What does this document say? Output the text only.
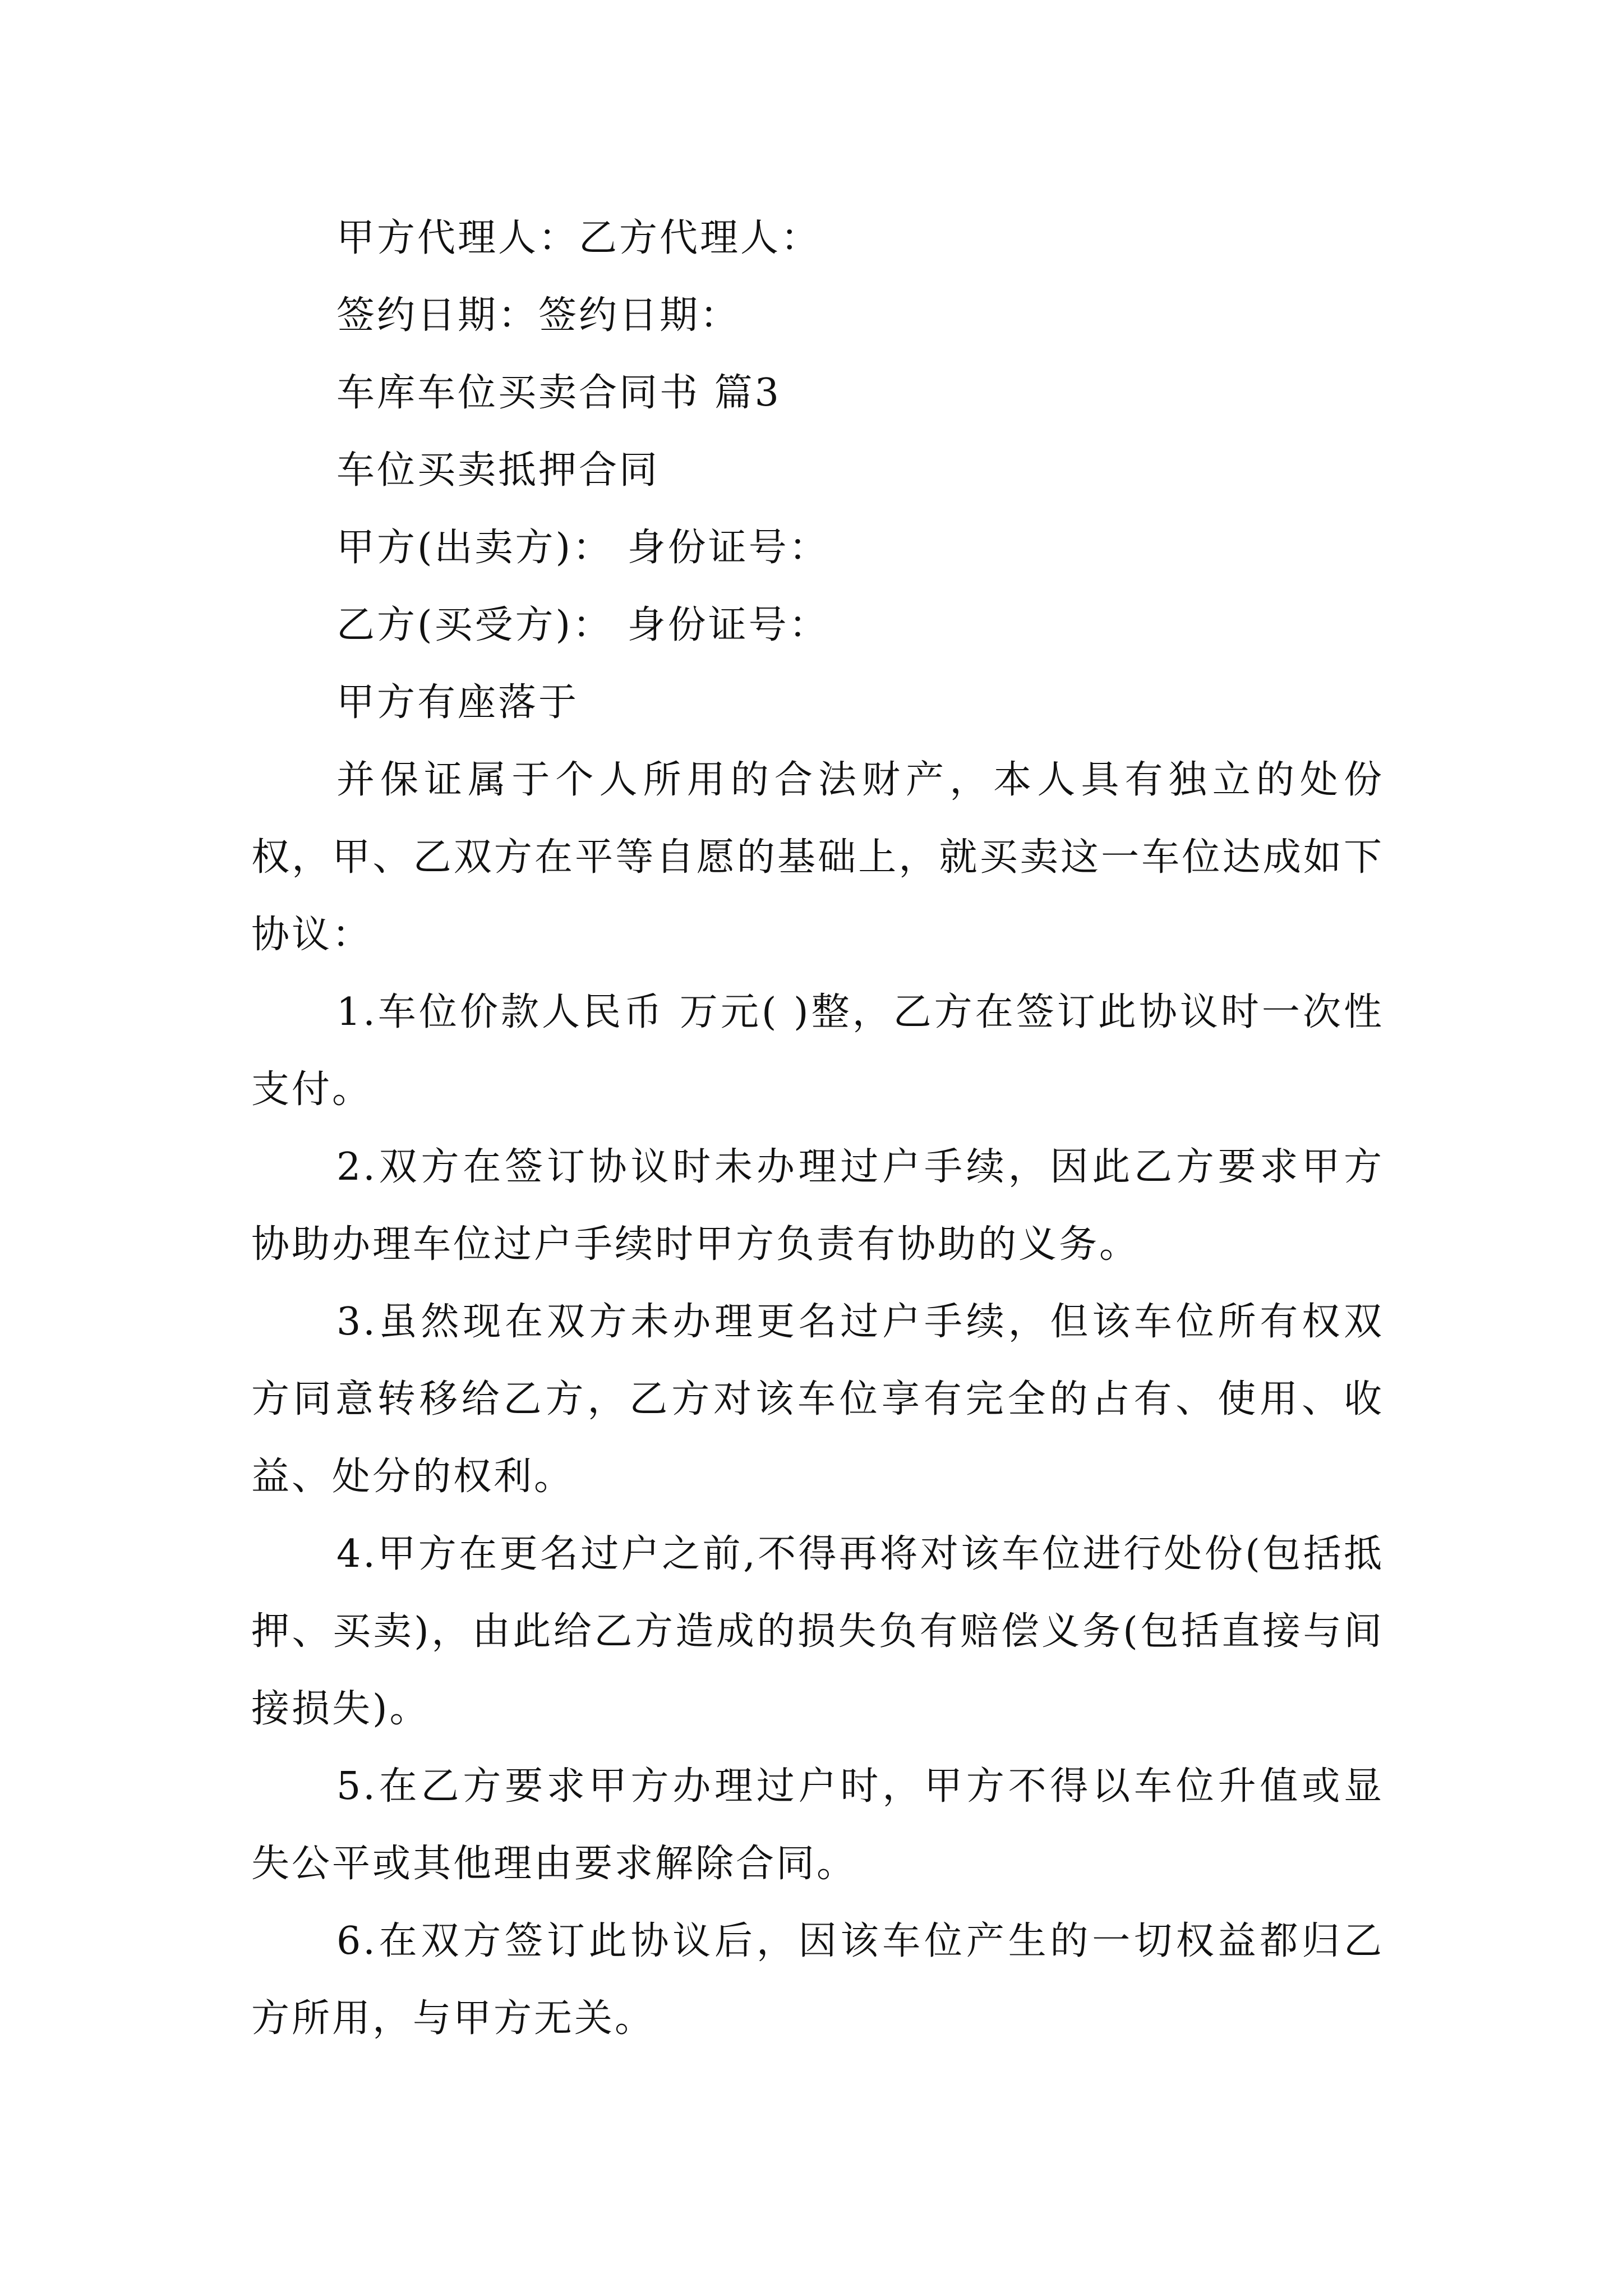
甲方代理人：乙方代理人：
签约日期：签约日期：
车库车位买卖合同书 篇3
车位买卖抵押合同
甲方(出卖方)： 身份证号：
乙方(买受方)： 身份证号：
甲方有座落于

并保证属于个人所用的合法财产，本人具有独立的处份权，甲、乙双方在平等自愿的基础上，就买卖这一车位达成如下协议：

1.车位价款人民币 万元( )整，乙方在签订此协议时一次性支付。

2.双方在签订协议时未办理过户手续，因此乙方要求甲方协助办理车位过户手续时甲方负责有协助的义务。

3.虽然现在双方未办理更名过户手续，但该车位所有权双方同意转移给乙方，乙方对该车位享有完全的占有、使用、收益、处分的权利。

4.甲方在更名过户之前,不得再将对该车位进行处份(包括抵押、买卖)，由此给乙方造成的损失负有赔偿义务(包括直接与间接损失)。

5.在乙方要求甲方办理过户时，甲方不得以车位升值或显失公平或其他理由要求解除合同。

6.在双方签订此协议后，因该车位产生的一切权益都归乙方所用，与甲方无关。
